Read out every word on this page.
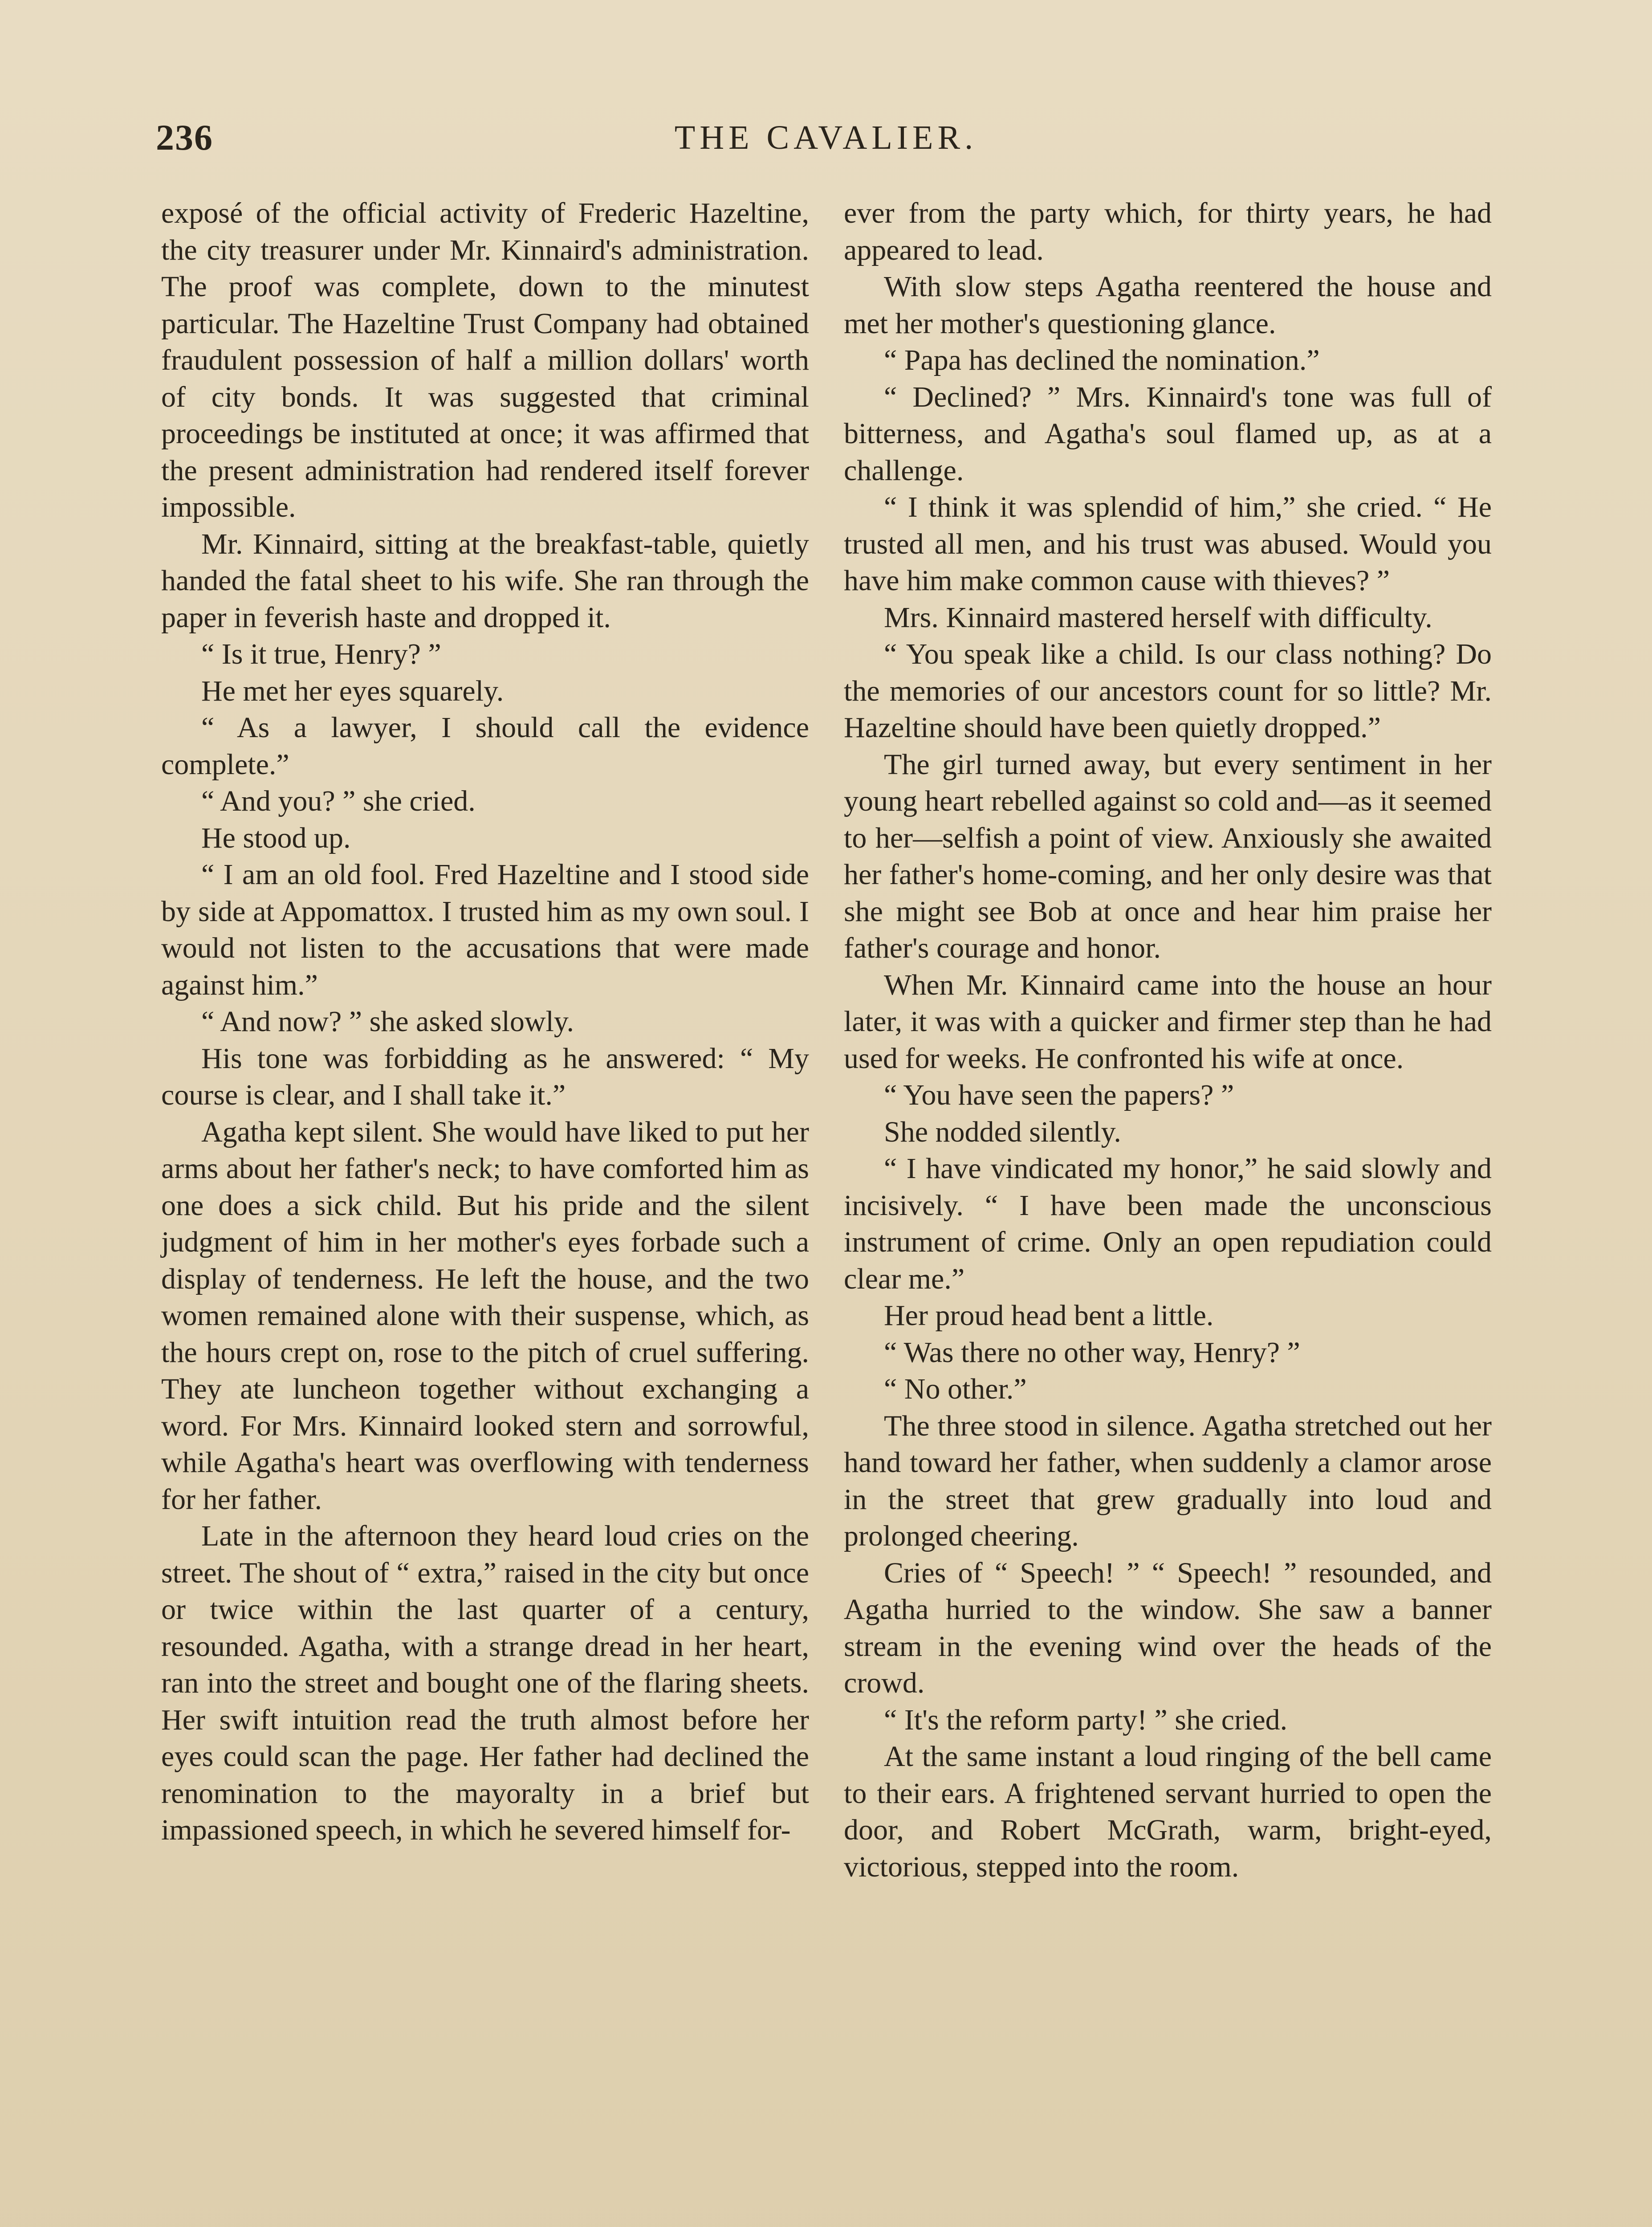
236	THE CAVALIER.

exposé of the official activity of Frederic Hazeltine, the city treasurer under Mr. Kinnaird's administration. The proof was complete, down to the minutest particular. The Hazeltine Trust Company had obtained fraudulent possession of half a million dollars' worth of city bonds. It was suggested that criminal proceedings be instituted at once; it was affirmed that the present administration had rendered itself forever impossible.

Mr. Kinnaird, sitting at the breakfast-table, quietly handed the fatal sheet to his wife. She ran through the paper in feverish haste and dropped it.

“ Is it true, Henry? ”

He met her eyes squarely.

“ As a lawyer, I should call the evidence complete.”

“ And you? ” she cried.

He stood up.

“ I am an old fool. Fred Hazeltine and I stood side by side at Appomattox. I trusted him as my own soul. I would not listen to the accusations that were made against him.”

“ And now? ” she asked slowly.

His tone was forbidding as he answered: “ My course is clear, and I shall take it.”

Agatha kept silent. She would have liked to put her arms about her father's neck; to have comforted him as one does a sick child. But his pride and the silent judgment of him in her mother's eyes forbade such a display of tenderness. He left the house, and the two women remained alone with their suspense, which, as the hours crept on, rose to the pitch of cruel suffering. They ate luncheon together without exchanging a word. For Mrs. Kinnaird looked stern and sorrowful, while Agatha's heart was overflowing with tenderness for her father.

Late in the afternoon they heard loud cries on the street. The shout of “ extra,” raised in the city but once or twice within the last quarter of a century, resounded. Agatha, with a strange dread in her heart, ran into the street and bought one of the flaring sheets. Her swift intuition read the truth almost before her eyes could scan the page. Her father had declined the renomination to the mayoralty in a brief but impassioned speech, in which he severed himself for-

ever from the party which, for thirty years, he had appeared to lead.

With slow steps Agatha reentered the house and met her mother's questioning glance.

“ Papa has declined the nomination.”

“ Declined? ” Mrs. Kinnaird's tone was full of bitterness, and Agatha's soul flamed up, as at a challenge.

“ I think it was splendid of him,” she cried. “ He trusted all men, and his trust was abused. Would you have him make common cause with thieves? ”

Mrs. Kinnaird mastered herself with difficulty.

“ You speak like a child. Is our class nothing? Do the memories of our ancestors count for so little? Mr. Hazeltine should have been quietly dropped.”

The girl turned away, but every sentiment in her young heart rebelled against so cold and—as it seemed to her—selfish a point of view. Anxiously she awaited her father's home-coming, and her only desire was that she might see Bob at once and hear him praise her father's courage and honor.

When Mr. Kinnaird came into the house an hour later, it was with a quicker and firmer step than he had used for weeks. He confronted his wife at once.

“ You have seen the papers? ”

She nodded silently.

“ I have vindicated my honor,” he said slowly and incisively. “ I have been made the unconscious instrument of crime. Only an open repudiation could clear me.”

Her proud head bent a little.

“ Was there no other way, Henry? ”

“ No other.”

The three stood in silence. Agatha stretched out her hand toward her father, when suddenly a clamor arose in the street that grew gradually into loud and prolonged cheering.

Cries of “ Speech! ” “ Speech! ” resounded, and Agatha hurried to the window. She saw a banner stream in the evening wind over the heads of the crowd.

“ It's the reform party! ” she cried.

At the same instant a loud ringing of the bell came to their ears. A frightened servant hurried to open the door, and Robert McGrath, warm, bright-eyed, victorious, stepped into the room.
